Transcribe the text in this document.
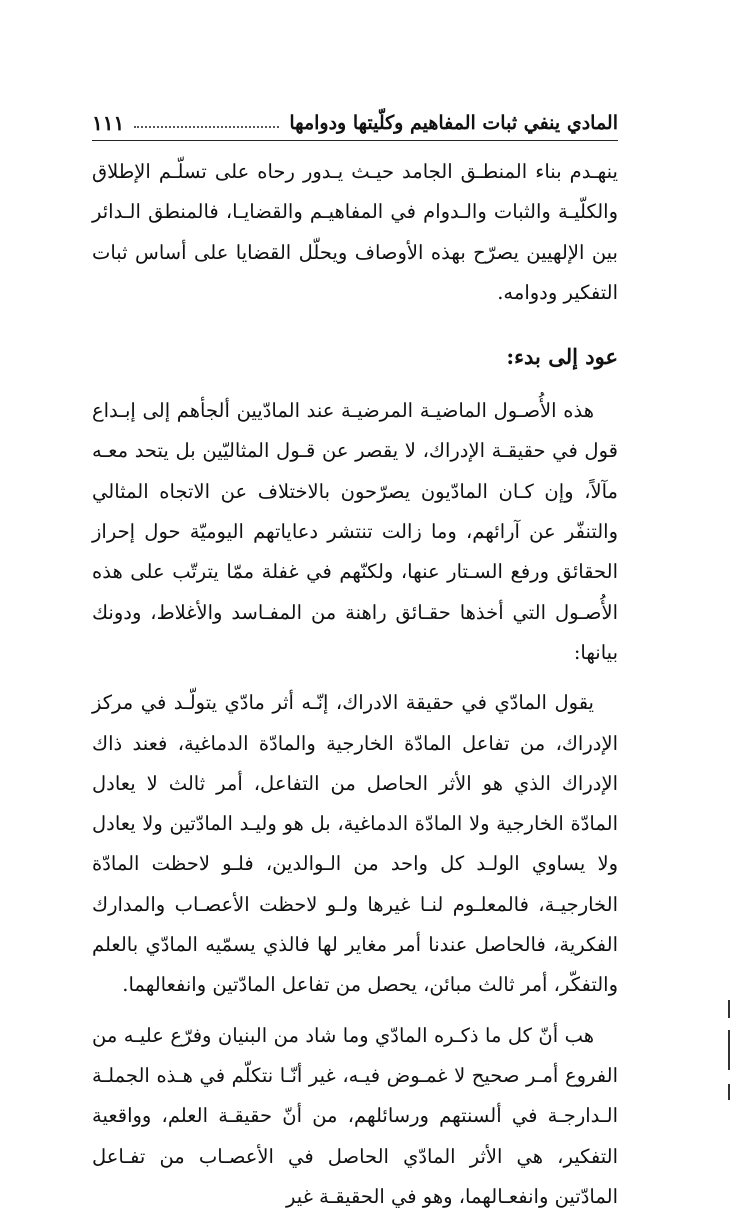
المادي ينفي ثبات المفاهيم وكلّيتها ودوامها
١١١

ينهـدم بناء المنطـق الجامد حيـث يـدور رحاه على تسلّـم الإطلاق والكلّيـة والثبات والـدوام في المفاهيـم والقضايـا، فالمنطق الـدائر بين الإلهيين يصرّح بهذه الأوصاف ويحلّل القضايا على أساس ثبات التفكير ودوامه.

عود إلى بدء:

هذه الأُصـول الماضيـة المرضيـة عند المادّيين ألجأهم إلى إبـداع قول في حقيقـة الإدراك، لا يقصر عن قـول المثاليّين بل يتحد معـه مآلاً، وإن كـان المادّيون يصرّحون بالاختلاف عن الاتجاه المثالي والتنفّر عن آرائهم، وما زالت تنتشر دعاياتهم اليوميّة حول إحراز الحقائق ورفع السـتار عنها، ولكنّهم في غفلة ممّا يترتّب على هذه الأُصـول التي أخذها حقـائق راهنة من المفـاسد والأغلاط، ودونك بيانها:

يقول المادّي في حقيقة الادراك، إنّـه أثر مادّي يتولّـد في مركز الإدراك، من تفاعل المادّة الخارجية والمادّة الدماغية، فعند ذاك الإدراك الذي هو الأثر الحاصل من التفاعل، أمر ثالث لا يعادل المادّة الخارجية ولا المادّة الدماغية، بل هو وليـد المادّتين ولا يعادل ولا يساوي الولـد كل واحد من الـوالدين، فلـو لاحظت المادّة الخارجيـة، فالمعلـوم لنـا غيرها ولـو لاحظت الأعصـاب والمدارك الفكرية، فالحاصل عندنا أمر مغاير لها فالذي يسمّيه المادّي بالعلم والتفكّر، أمر ثالث مبائن، يحصل من تفاعل المادّتين وانفعالهما.

هب أنّ كل ما ذكـره المادّي وما شاد من البنيان وفرّع عليـه من الفروع أمـر صحيح لا غمـوض فيـه، غير أنّـا نتكلّم في هـذه الجملـة الـدارجـة في ألسنتهم ورسائلهم، من أنّ حقيقـة العلم، وواقعية التفكير، هي الأثر المادّي الحاصل في الأعصـاب من تفـاعل المادّتين وانفعـالهما، وهو في الحقيقـة غير
